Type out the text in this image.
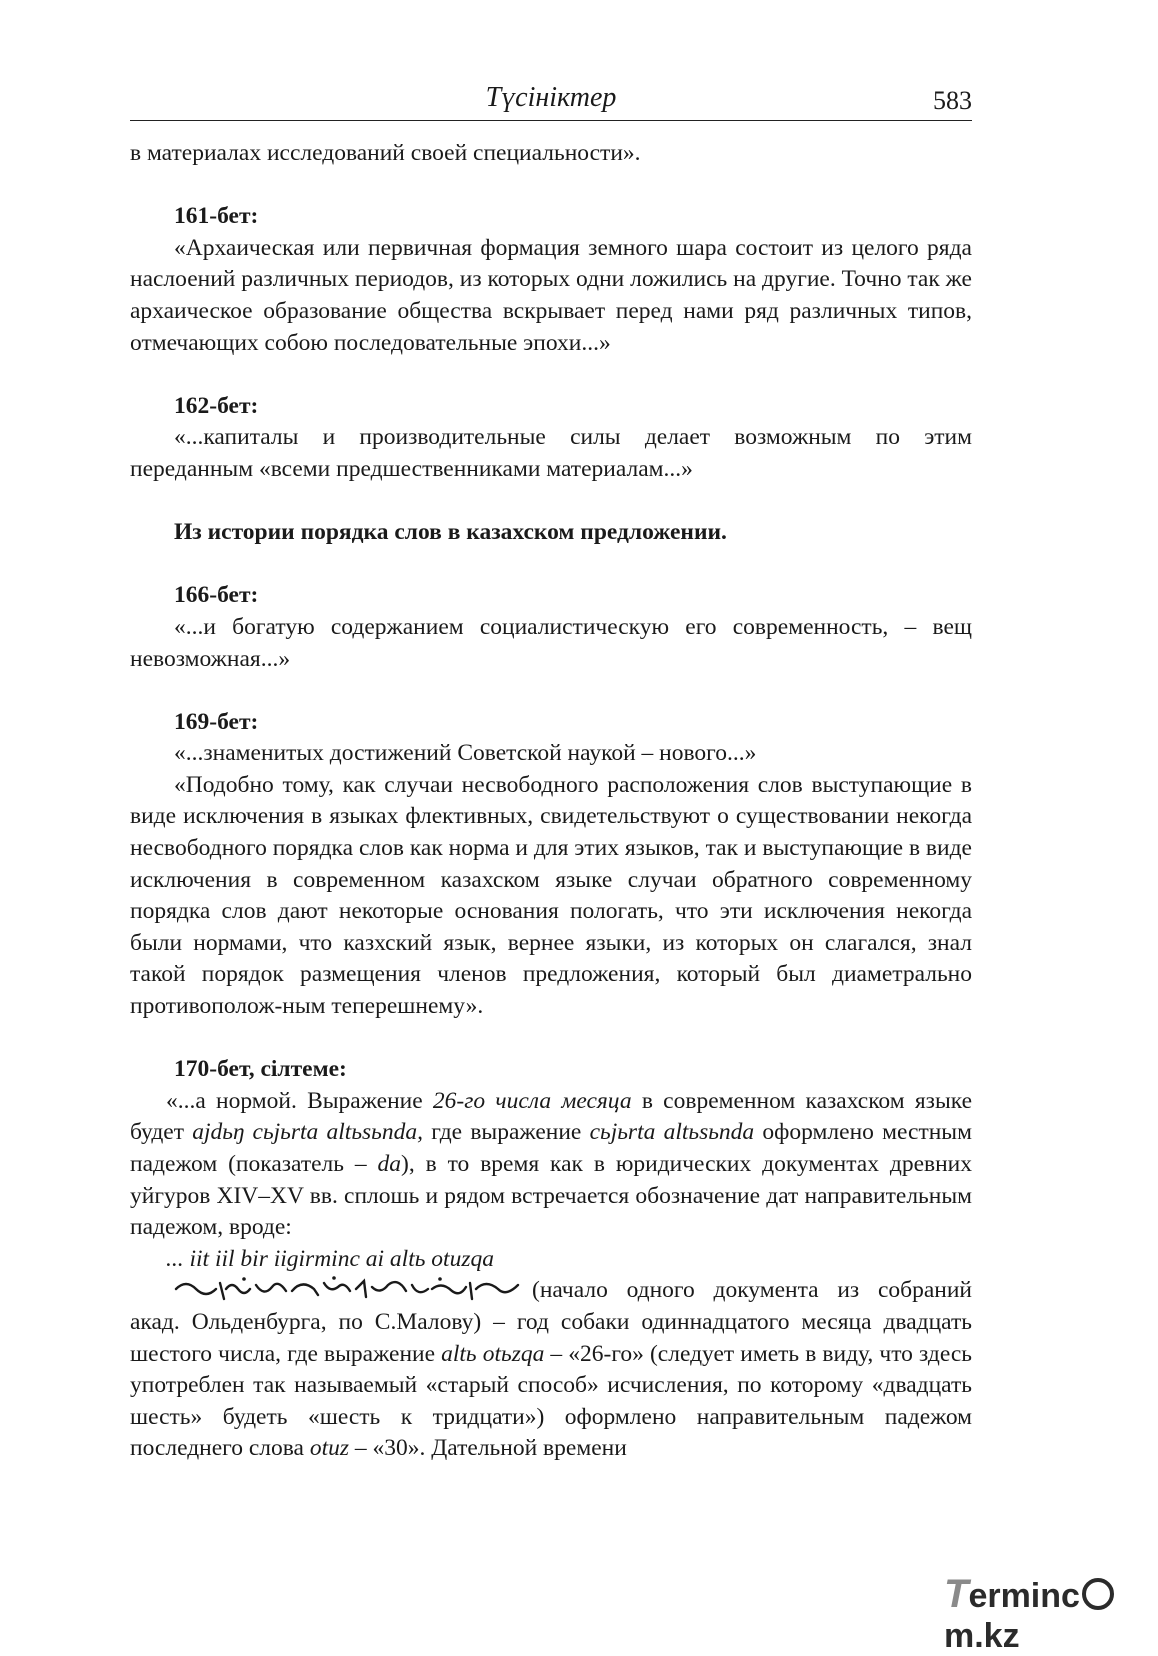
Түсініктер	583

в материалах исследований своей специальности».

161-бет:

«Архаическая или первичная формация земного шара состоит из целого ряда наслоений различных периодов, из которых одни ложились на другие. Точно так же архаическое образование общества вскрывает перед нами ряд различных типов, отмечающих собою последовательные эпохи...»

162-бет:

«...капиталы и производительные силы делает возможным по этим переданным «всеми предшественниками материалам...»

Из истории порядка слов в казахском предложении.

166-бет:

«...и богатую содержанием социалистическую его современность, – вещ невозможная...»

169-бет:

«...знаменитых достижений Советской наукой – нового...»

«Подобно тому, как случаи несвободного расположения слов выступающие в виде исключения в языках флективных, свидетельствуют о существовании некогда несвободного порядка слов как норма и для этих языков, так и выступающие в виде исключения в современном казахском языке случаи обратного современному порядка слов дают некоторые основания пологать, что эти исключения некогда были нормами, что казхский язык, вернее языки, из которых он слагался, знал такой порядок размещения членов предложения, который был диаметрально противополож-ным теперешнему».

170-бет, сілтеме:

«...а нормой. Выражение 26-го числа месяца в современном казахском языке будет ajdьŋ сьjьrta altьsьnda, где выражение сьjьrta altьsьnda оформлено местным падежом (показатель – da), в то время как в юридических документах древних уйгуров XIV–XV вв. сплошь и рядом встречается обозначение дат направительным падежом, вроде:

... iit iil bir iigirminc ai altь otuzqa

(начало одного документа из собраний акад. Ольденбурга, по С.Малову) – год собаки одиннадцатого месяца двадцать шестого числа, где выражение altь otьzqa – «26-го» (следует иметь в виду, что здесь употреблен так называемый «старый способ» исчисления, по которому «двадцать шесть» будеть «шесть к тридцати») оформлено направительным падежом последнего слова otuz – «30». Дательной времени

Termincm.kz
